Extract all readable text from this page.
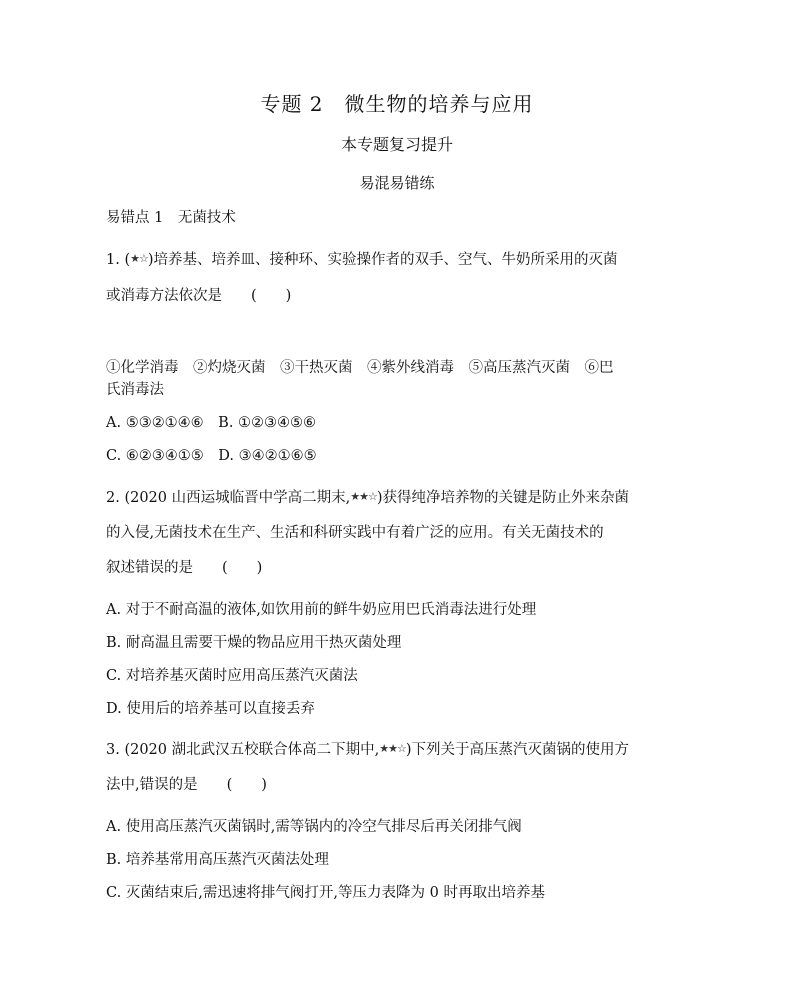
专题 2　微生物的培养与应用
本专题复习提升
易混易错练
易错点 1　无菌技术
1. (★☆)培养基、培养皿、接种环、实验操作者的双手、空气、牛奶所采用的灭菌
或消毒方法依次是　　(　　)
①化学消毒　②灼烧灭菌　③干热灭菌　④紫外线消毒　⑤高压蒸汽灭菌　⑥巴
氏消毒法
A. ⑤③②①④⑥　B. ①②③④⑤⑥
C. ⑥②③④①⑤　D. ③④②①⑥⑤
2. (2020 山西运城临晋中学高二期末,★★☆)获得纯净培养物的关键是防止外来杂菌
的入侵,无菌技术在生产、生活和科研实践中有着广泛的应用。有关无菌技术的
叙述错误的是　　(　　)
A. 对于不耐高温的液体,如饮用前的鲜牛奶应用巴氏消毒法进行处理
B. 耐高温且需要干燥的物品应用干热灭菌处理
C. 对培养基灭菌时应用高压蒸汽灭菌法
D. 使用后的培养基可以直接丢弃
3. (2020 湖北武汉五校联合体高二下期中,★★☆)下列关于高压蒸汽灭菌锅的使用方
法中,错误的是　　(　　)
A. 使用高压蒸汽灭菌锅时,需等锅内的冷空气排尽后再关闭排气阀
B. 培养基常用高压蒸汽灭菌法处理
C. 灭菌结束后,需迅速将排气阀打开,等压力表降为 0 时再取出培养基
